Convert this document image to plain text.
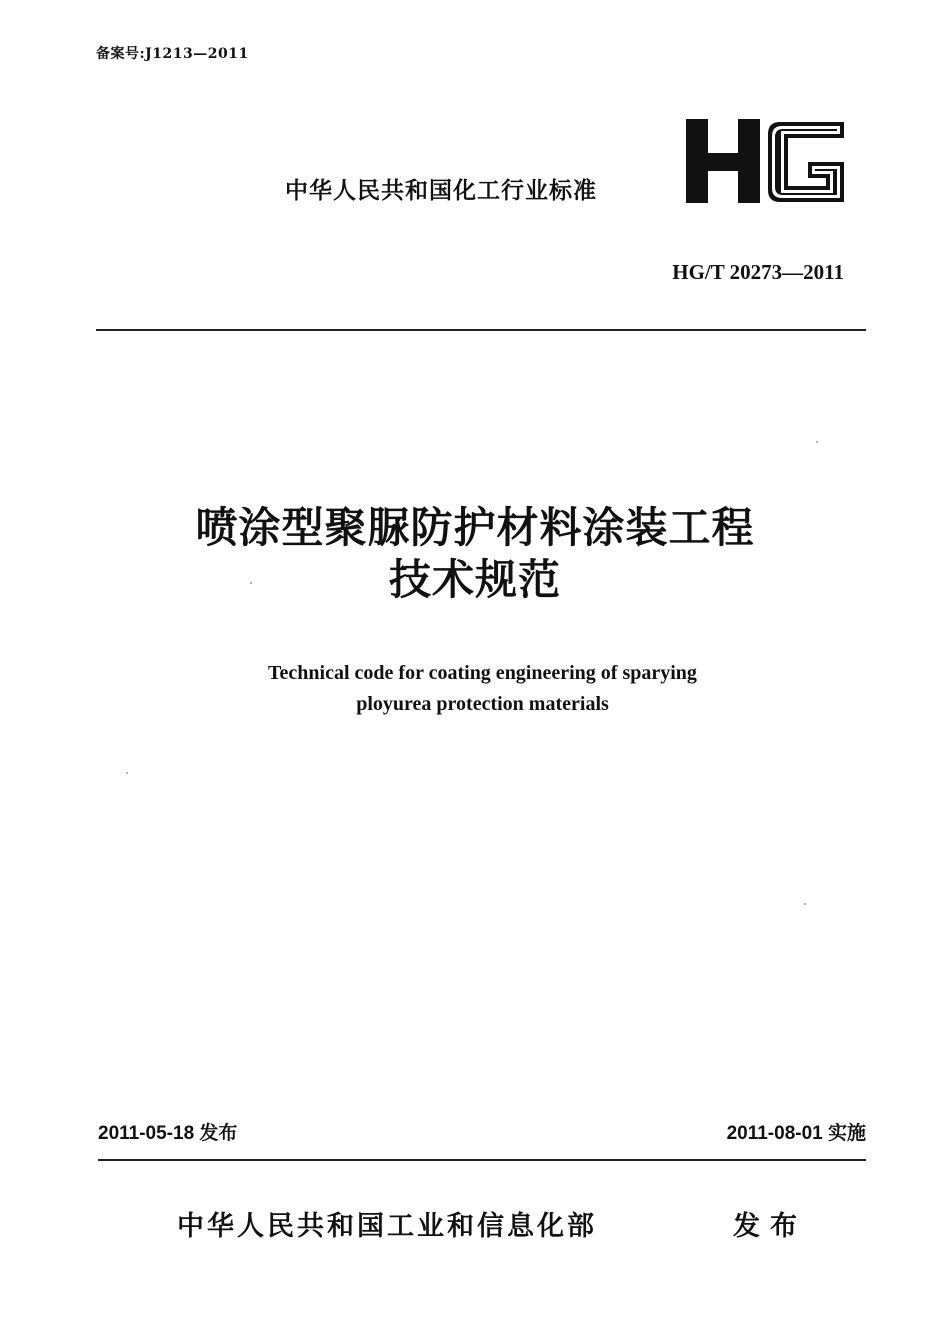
备案号:J1213—2011
中华人民共和国化工行业标准
HG/T 20273—2011
喷涂型聚脲防护材料涂装工程
技术规范
Technical code for coating engineering of sparying
ployurea protection materials
2011-05-18 发布	2011-08-01 实施
中华人民共和国工业和信息化部	发布
